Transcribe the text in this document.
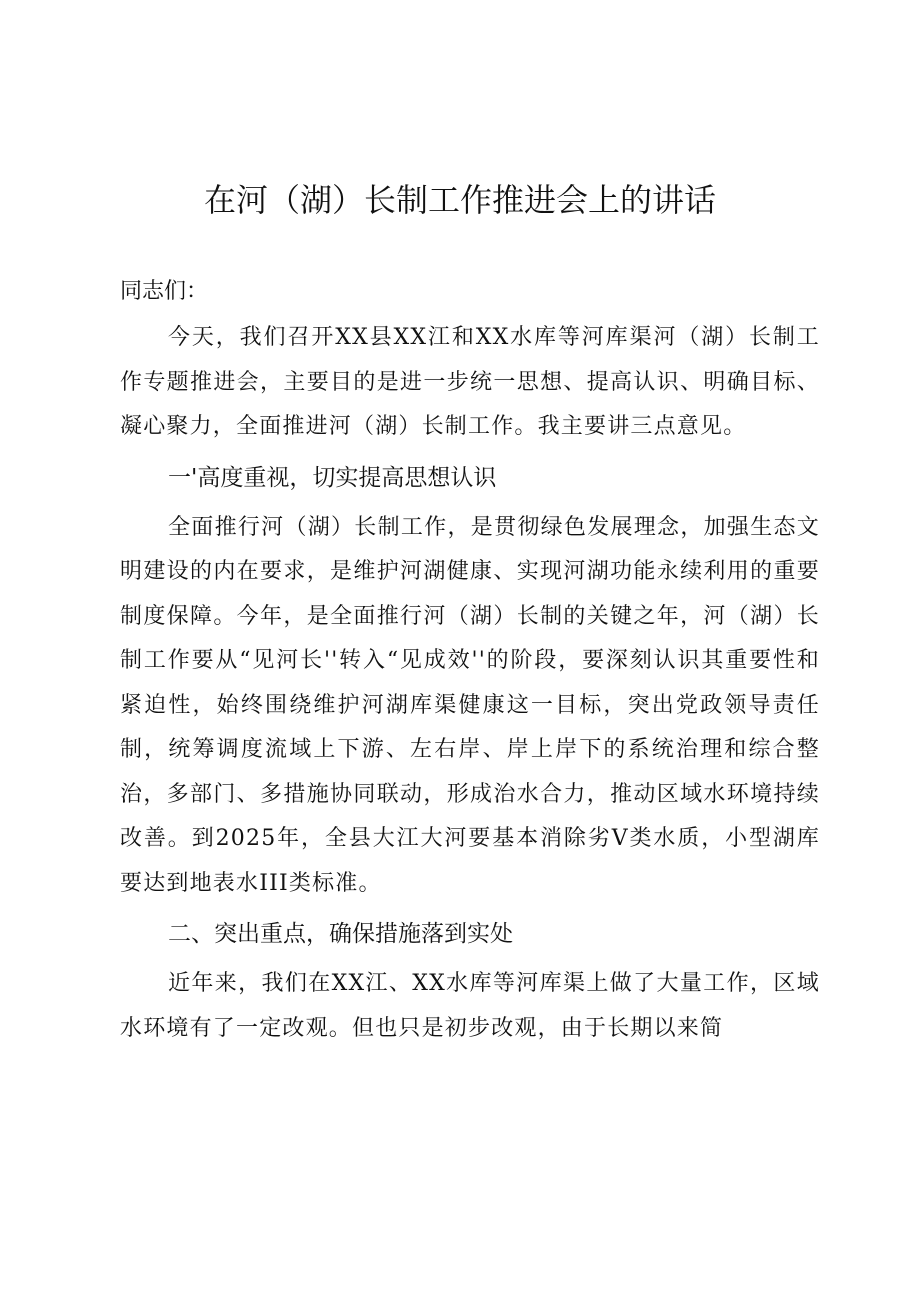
在河（湖）长制工作推进会上的讲话

同志们：

今天，我们召开XX县XX江和XX水库等河库渠河（湖）长制工作专题推进会，主要目的是进一步统一思想、提高认识、明确目标、凝心聚力，全面推进河（湖）长制工作。我主要讲三点意见。

一'高度重视，切实提高思想认识

全面推行河（湖）长制工作，是贯彻绿色发展理念，加强生态文明建设的内在要求，是维护河湖健康、实现河湖功能永续利用的重要制度保障。今年，是全面推行河（湖）长制的关键之年，河（湖）长制工作要从“见河长''转入“见成效''的阶段，要深刻认识其重要性和紧迫性，始终围绕维护河湖库渠健康这一目标，突出党政领导责任制，统筹调度流域上下游、左右岸、岸上岸下的系统治理和综合整治，多部门、多措施协同联动，形成治水合力，推动区域水环境持续改善。到2025年，全县大江大河要基本消除劣V类水质，小型湖库要达到地表水III类标准。

二、突出重点，确保措施落到实处

近年来，我们在XX江、XX水库等河库渠上做了大量工作，区域水环境有了一定改观。但也只是初步改观，由于长期以来简
